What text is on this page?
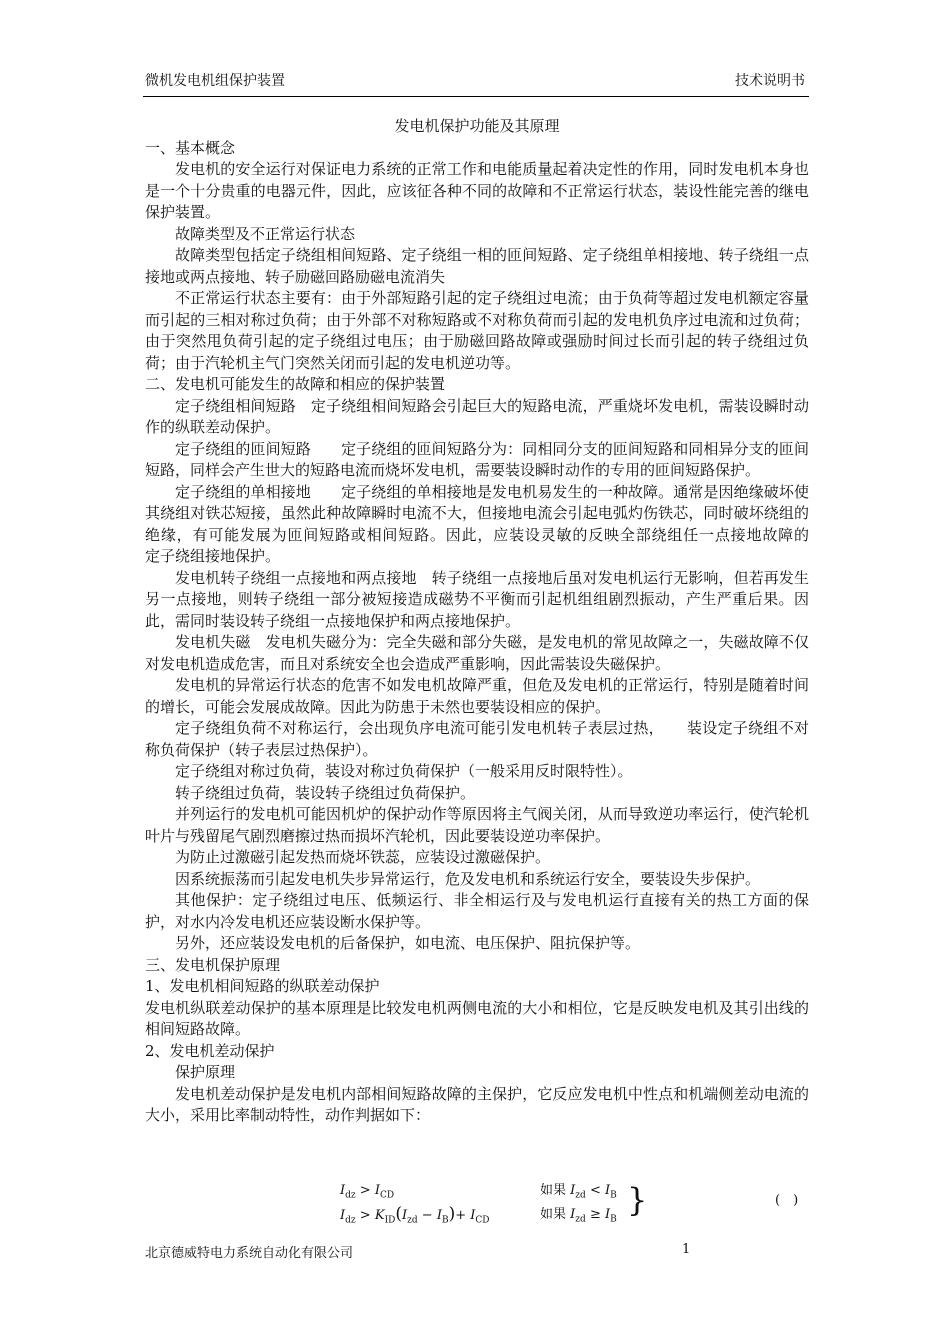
微机发电机组保护装置	技术说明书

发电机保护功能及其原理

一、基本概念

发电机的安全运行对保证电力系统的正常工作和电能质量起着决定性的作用，同时发电机本身也是一个十分贵重的电器元件，因此，应该征各种不同的故障和不正常运行状态，装设性能完善的继电保护装置。

故障类型及不正常运行状态

故障类型包括定子绕组相间短路、定子绕组一相的匝间短路、定子绕组单相接地、转子绕组一点接地或两点接地、转子励磁回路励磁电流消失

不正常运行状态主要有：由于外部短路引起的定子绕组过电流；由于负荷等超过发电机额定容量而引起的三相对称过负荷；由于外部不对称短路或不对称负荷而引起的发电机负序过电流和过负荷；由于突然甩负荷引起的定子绕组过电压；由于励磁回路故障或强励时间过长而引起的转子绕组过负荷；由于汽轮机主气门突然关闭而引起的发电机逆功等。

二、发电机可能发生的故障和相应的保护装置

定子绕组相间短路　定子绕组相间短路会引起巨大的短路电流，严重烧坏发电机，需装设瞬时动作的纵联差动保护。

定子绕组的匝间短路　　定子绕组的匝间短路分为：同相同分支的匝间短路和同相异分支的匝间短路，同样会产生世大的短路电流而烧坏发电机，需要装设瞬时动作的专用的匝间短路保护。

定子绕组的单相接地　　定子绕组的单相接地是发电机易发生的一种故障。通常是因绝缘破坏使其绕组对铁芯短接，虽然此种故障瞬时电流不大，但接地电流会引起电弧灼伤铁芯，同时破坏绕组的绝缘，有可能发展为匝间短路或相间短路。因此，应装设灵敏的反映全部绕组任一点接地故障的　　定子绕组接地保护。

发电机转子绕组一点接地和两点接地　转子绕组一点接地后虽对发电机运行无影响，但若再发生另一点接地，则转子绕组一部分被短接造成磁势不平衡而引起机组组剧烈振动，产生严重后果。因此，需同时装设转子绕组一点接地保护和两点接地保护。

发电机失磁　发电机失磁分为：完全失磁和部分失磁，是发电机的常见故障之一，失磁故障不仅对发电机造成危害，而且对系统安全也会造成严重影响，因此需装设失磁保护。

发电机的异常运行状态的危害不如发电机故障严重，但危及发电机的正常运行，特别是随着时间的增长，可能会发展成故障。因此为防患于未然也要装设相应的保护。

定子绕组负荷不对称运行，会出现负序电流可能引发电机转子表层过热，　　装设定子绕组不对称负荷保护（转子表层过热保护）。

定子绕组对称过负荷，装设对称过负荷保护（一般采用反时限特性）。

转子绕组过负荷，装设转子绕组过负荷保护。

并列运行的发电机可能因机炉的保护动作等原因将主气阀关闭，从而导致逆功率运行，使汽轮机叶片与残留尾气剧烈磨擦过热而损坏汽轮机，因此要装设逆功率保护。

为防止过激磁引起发热而烧坏铁蕊，应装设过激磁保护。

因系统振荡而引起发电机失步异常运行，危及发电机和系统运行安全，要装设失步保护。

其他保护：定子绕组过电压、低频运行、非全相运行及与发电机运行直接有关的热工方面的保护，对水内冷发电机还应装设断水保护等。

另外，还应装设发电机的后备保护，如电流、电压保护、阻抗保护等。

三、发电机保护原理

1、发电机相间短路的纵联差动保护

发电机纵联差动保护的基本原理是比较发电机两侧电流的大小和相位，它是反映发电机及其引出线的相间短路故障。

2、发电机差动保护

保护原理

发电机差动保护是发电机内部相间短路故障的主保护，它反应发电机中性点和机端侧差动电流的大小，采用比率制动特性，动作判据如下：

$I_{dz} > I_{CD}$
$I_{dz} > K_{ID}(I_{zd} - I_B)+ I_{CD}$
如果 $I_{zd} < I_B$
如果 $I_{zd} \ge I_B$
}	(　)
北京德威特电力系统自动化有限公司	1
